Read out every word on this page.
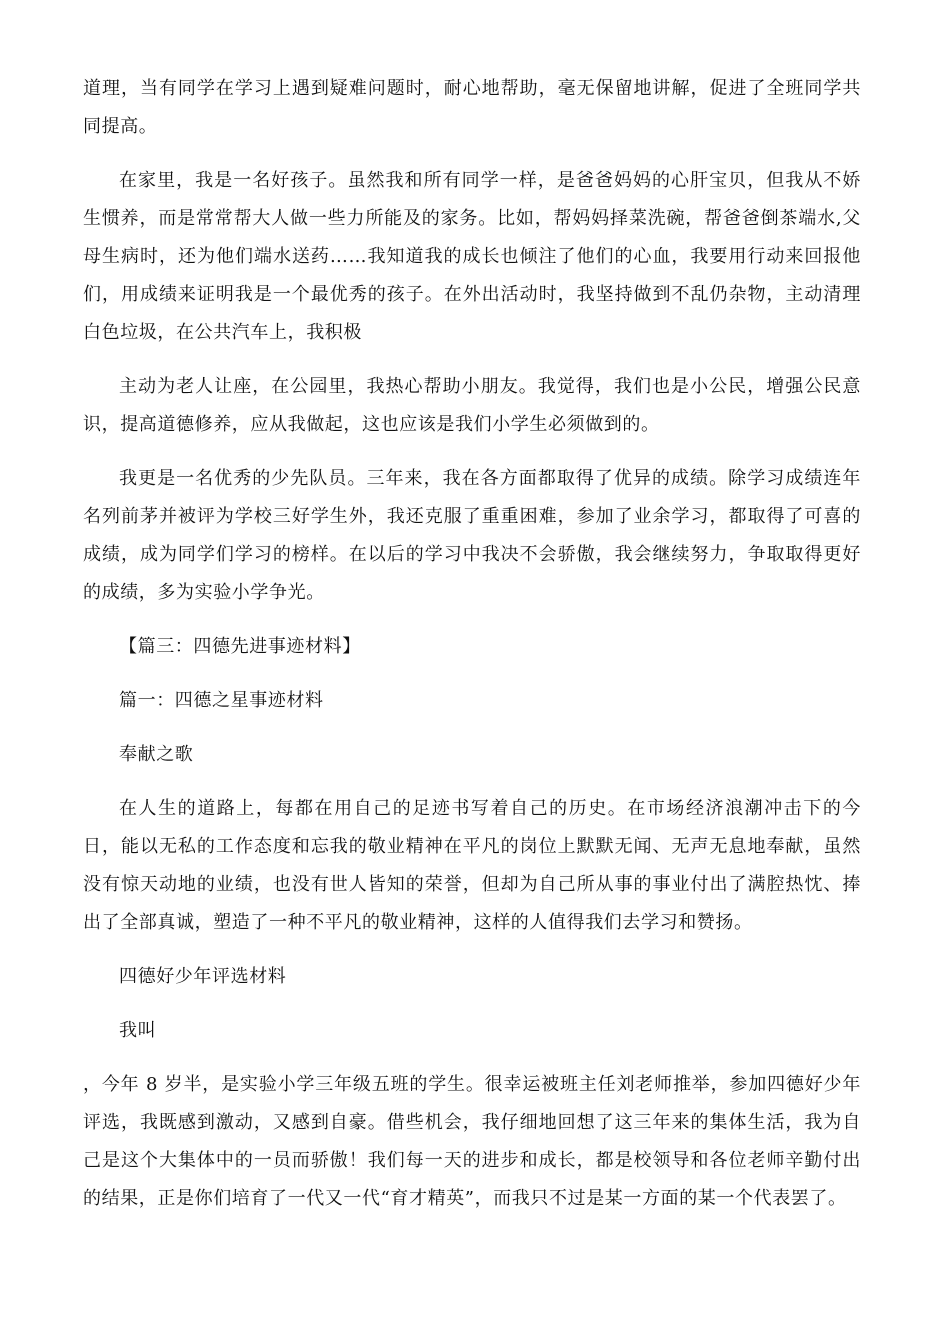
道理，当有同学在学习上遇到疑难问题时，耐心地帮助，毫无保留地讲解，促进了全班同学共同提高。

在家里，我是一名好孩子。虽然我和所有同学一样，是爸爸妈妈的心肝宝贝，但我从不娇生惯养，而是常常帮大人做一些力所能及的家务。比如，帮妈妈择菜洗碗，帮爸爸倒茶端水,父母生病时，还为他们端水送药……我知道我的成长也倾注了他们的心血，我要用行动来回报他们，用成绩来证明我是一个最优秀的孩子。在外出活动时，我坚持做到不乱仍杂物，主动清理白色垃圾，在公共汽车上，我积极

主动为老人让座，在公园里，我热心帮助小朋友。我觉得，我们也是小公民，增强公民意识，提高道德修养，应从我做起，这也应该是我们小学生必须做到的。

我更是一名优秀的少先队员。三年来，我在各方面都取得了优异的成绩。除学习成绩连年名列前茅并被评为学校三好学生外，我还克服了重重困难，参加了业余学习，都取得了可喜的成绩，成为同学们学习的榜样。在以后的学习中我决不会骄傲，我会继续努力，争取取得更好的成绩，多为实验小学争光。

【篇三：四德先进事迹材料】

篇一：四德之星事迹材料

奉献之歌

在人生的道路上，每都在用自己的足迹书写着自己的历史。在市场经济浪潮冲击下的今日，能以无私的工作态度和忘我的敬业精神在平凡的岗位上默默无闻、无声无息地奉献，虽然没有惊天动地的业绩，也没有世人皆知的荣誉，但却为自己所从事的事业付出了满腔热忱、捧出了全部真诚，塑造了一种不平凡的敬业精神，这样的人值得我们去学习和赞扬。

四德好少年评选材料

我叫

，今年 8 岁半，是实验小学三年级五班的学生。很幸运被班主任刘老师推举，参加四德好少年评选，我既感到激动，又感到自豪。借些机会，我仔细地回想了这三年来的集体生活，我为自己是这个大集体中的一员而骄傲！我们每一天的进步和成长，都是校领导和各位老师辛勤付出的结果，正是你们培育了一代又一代“育才精英”，而我只不过是某一方面的某一个代表罢了。
